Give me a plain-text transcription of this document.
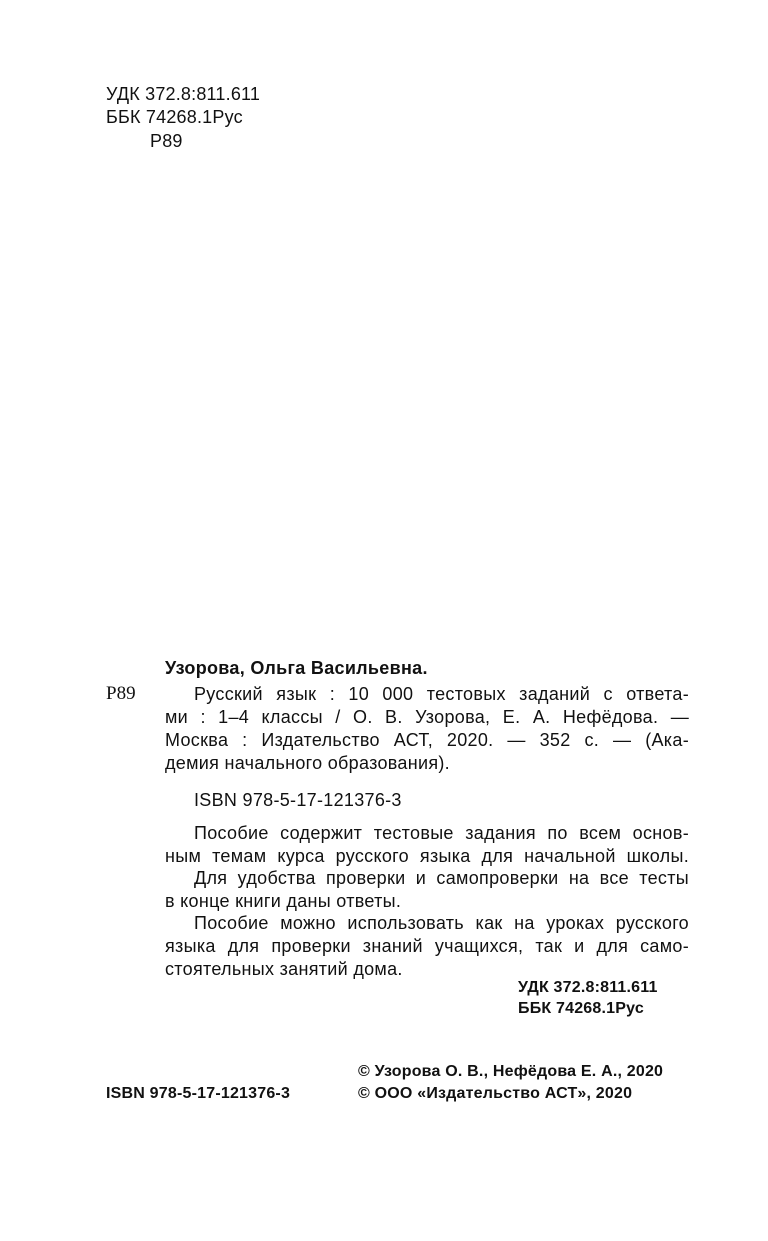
УДК 372.8:811.611
ББК 74268.1Рус
Р89
Узорова, Ольга Васильевна.
Р89	Русский язык : 10 000 тестовых заданий с ответа-
ми : 1–4 классы / О. В. Узорова, Е. А. Нефёдова. —
Москва : Издательство АСТ, 2020. — 352 с. — (Ака-
демия начального образования).
ISBN 978-5-17-121376-3
Пособие содержит тестовые задания по всем основ-
ным темам курса русского языка для начальной школы.
Для удобства проверки и самопроверки на все тесты
в конце книги даны ответы.
Пособие можно использовать как на уроках русского
языка для проверки знаний учащихся, так и для само-
стоятельных занятий дома.
УДК 372.8:811.611
ББК 74268.1Рус
© Узорова О. В., Нефёдова Е. А., 2020
ISBN 978-5-17-121376-3	© ООО «Издательство АСТ», 2020
